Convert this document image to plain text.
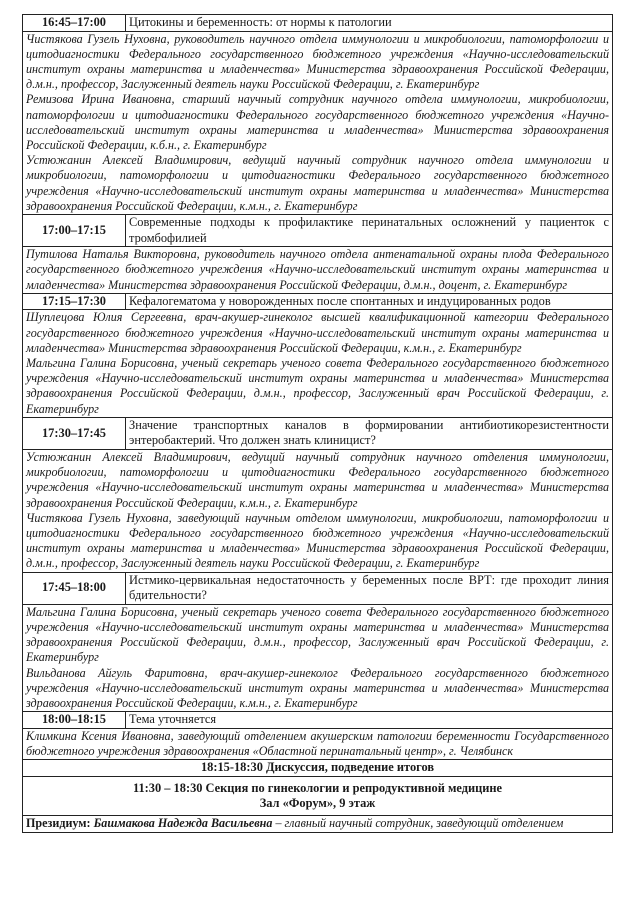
16:45–17:00	Цитокины и беременность: от нормы к патологии

Чистякова Гузель Нуховна, руководитель научного отдела иммунологии и микробиологии, патоморфологии и цитодиагностики Федерального государственного бюджетного учреждения «Научно-исследовательский институт охраны материнства и младенчества» Министерства здравоохранения Российской Федерации, д.м.н., профессор, Заслуженный деятель науки Российской Федерации, г. Екатеринбург
Ремизова Ирина Ивановна, старший научный сотрудник научного отдела иммунологии, микробиологии, патоморфологии и цитодиагностики Федерального государственного бюджетного учреждения «Научно-исследовательский институт охраны материнства и младенчества» Министерства здравоохранения Российской Федерации, к.б.н., г. Екатеринбург
Устюжанин Алексей Владимирович, ведущий научный сотрудник научного отдела иммунологии и микробиологии, патоморфологии и цитодиагностики Федерального государственного бюджетного учреждения «Научно-исследовательский институт охраны материнства и младенчества» Министерства здравоохранения Российской Федерации, к.м.н., г. Екатеринбург	

17:00–17:15	Современные подходы к профилактике перинатальных осложнений у пациенток с тромбофилией

Путилова Наталья Викторовна, руководитель научного отдела антенатальной охраны плода Федерального государственного бюджетного учреждения «Научно-исследовательский институт охраны материнства и младенчества» Министерства здравоохранения Российской Федерации, д.м.н., доцент, г. Екатеринбург	

17:15–17:30	Кефалогематома у новорожденных после спонтанных и индуцированных родов

Шуплецова Юлия Сергеевна, врач-акушер-гинеколог высшей квалификационной категории Федерального государственного бюджетного учреждения «Научно-исследовательский институт охраны материнства и младенчества» Министерства здравоохранения Российской Федерации, к.м.н., г. Екатеринбург
Мальгина Галина Борисовна, ученый секретарь ученого совета Федерального государственного бюджетного учреждения «Научно-исследовательский институт охраны материнства и младенчества» Министерства здравоохранения Российской Федерации, д.м.н., профессор, Заслуженный врач Российской Федерации, г. Екатеринбург	

17:30–17:45	Значение транспортных каналов в формировании антибиотикорезистентности энтеробактерий. Что должен знать клиницист?

Устюжанин Алексей Владимирович, ведущий научный сотрудник научного отделения иммунологии, микробиологии, патоморфологии и цитодиагностики Федерального государственного бюджетного учреждения «Научно-исследовательский институт охраны материнства и младенчества» Министерства здравоохранения Российской Федерации, к.м.н., г. Екатеринбург
Чистякова Гузель Нуховна, заведующий научным отделом иммунологии, микробиологии, патоморфологии и цитодиагностики Федерального государственного бюджетного учреждения «Научно-исследовательский институт охраны материнства и младенчества» Министерства здравоохранения Российской Федерации, д.м.н., профессор, Заслуженный деятель науки Российской Федерации, г. Екатеринбург	

17:45–18:00	Истмико-цервикальная недостаточность у беременных после ВРТ: где проходит линия бдительности?

Мальгина Галина Борисовна, ученый секретарь ученого совета Федерального государственного бюджетного учреждения «Научно-исследовательский институт охраны материнства и младенчества» Министерства здравоохранения Российской Федерации, д.м.н., профессор, Заслуженный врач Российской Федерации, г. Екатеринбург
Вильданова Айгуль Фаритовна, врач-акушер-гинеколог Федерального государственного бюджетного учреждения «Научно-исследовательский институт охраны материнства и младенчества» Министерства здравоохранения Российской Федерации, к.м.н., г. Екатеринбург	

18:00–18:15	Тема уточняется

Климкина Ксения Ивановна, заведующий отделением акушерским патологии беременности Государственного бюджетного учреждения здравоохранения «Областной перинатальный центр», г. Челябинск	

18:15-18:30 Дискуссия, подведение итогов	

11:30 – 18:30 Секция по гинекологии и репродуктивной медицине
Зал «Форум», 9 этаж	

Президиум: Башмакова Надежда Васильевна – главный научный сотрудник, заведующий отделением	
